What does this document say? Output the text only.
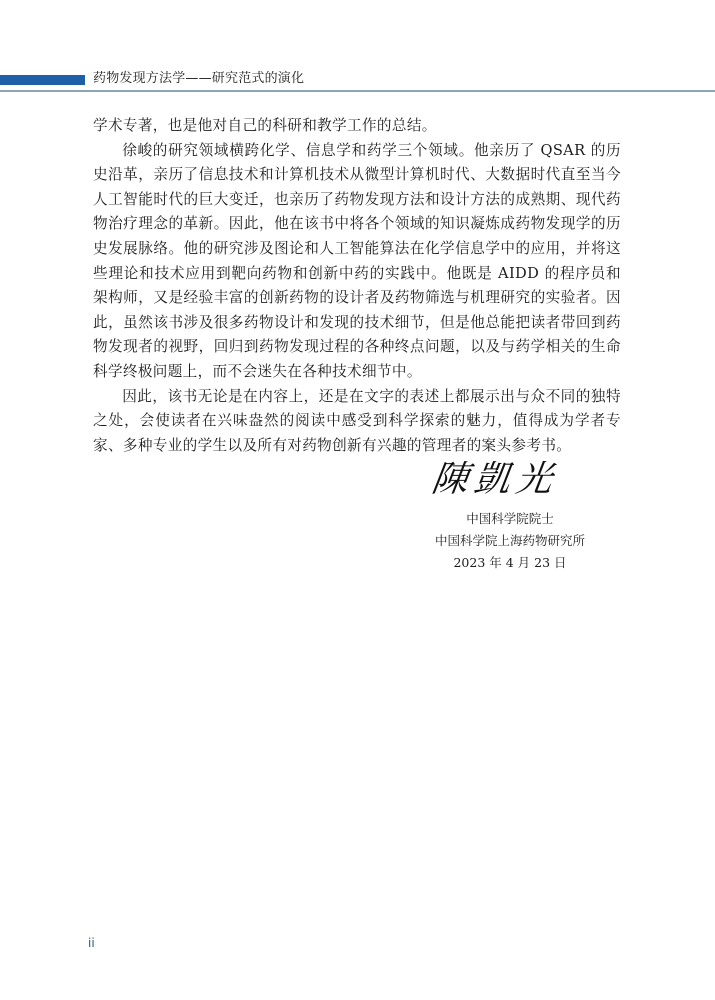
药物发现方法学——研究范式的演化

学术专著，也是他对自己的科研和教学工作的总结。

徐峻的研究领域横跨化学、信息学和药学三个领域。他亲历了 QSAR 的历史沿革，亲历了信息技术和计算机技术从微型计算机时代、大数据时代直至当今人工智能时代的巨大变迁，也亲历了药物发现方法和设计方法的成熟期、现代药物治疗理念的革新。因此，他在该书中将各个领域的知识凝炼成药物发现学的历史发展脉络。他的研究涉及图论和人工智能算法在化学信息学中的应用，并将这些理论和技术应用到靶向药物和创新中药的实践中。他既是 AIDD 的程序员和架构师，又是经验丰富的创新药物的设计者及药物筛选与机理研究的实验者。因此，虽然该书涉及很多药物设计和发现的技术细节，但是他总能把读者带回到药物发现者的视野，回归到药物发现过程的各种终点问题，以及与药学相关的生命科学终极问题上，而不会迷失在各种技术细节中。

因此，该书无论是在内容上，还是在文字的表述上都展示出与众不同的独特之处，会使读者在兴味盎然的阅读中感受到科学探索的魅力，值得成为学者专家、多种专业的学生以及所有对药物创新有兴趣的管理者的案头参考书。

陳凱光
中国科学院院士
中国科学院上海药物研究所
2023 年 4 月 23 日
ii
